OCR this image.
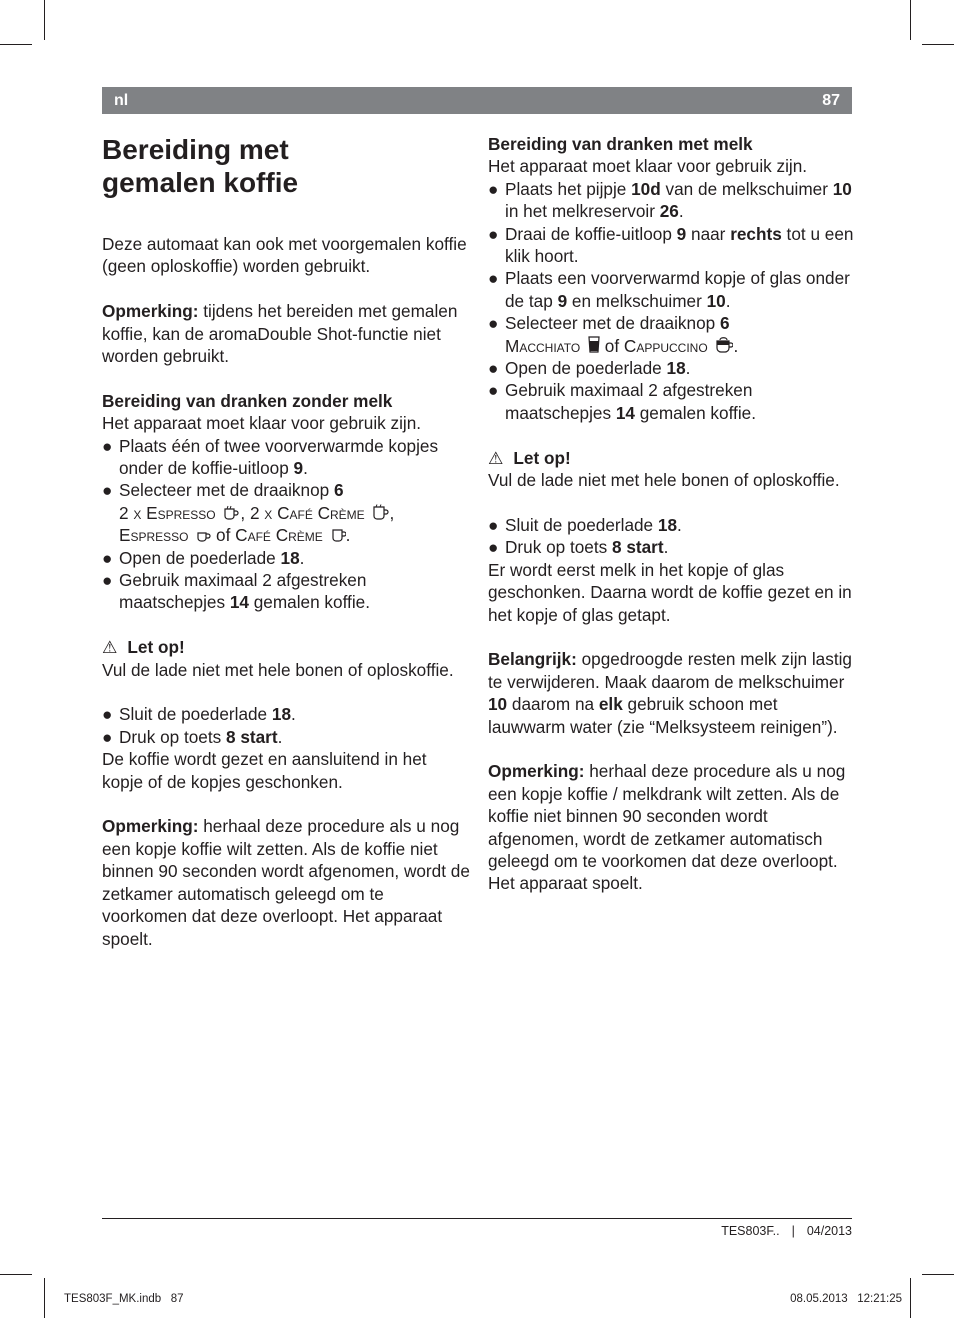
nl	87
Bereiding met
gemalen koffie

Deze automaat kan ook met voorgemalen koffie (geen oploskoffie) worden gebruikt.

Opmerking: tijdens het bereiden met gemalen koffie, kan de aromaDouble Shot-functie niet worden gebruikt.

Bereiding van dranken zonder melk

Het apparaat moet klaar voor gebruik zijn.

● Plaats één of twee voorverwarmde kopjes onder de koffie-uitloop 9.
● Selecteer met de draaiknop 6
2 x Espresso , 2 x Café Crème ,
Espresso of Café Crème .
● Open de poederlade 18.
● Gebruik maximaal 2 afgestreken maatschepjes 14 gemalen koffie.

⚠ Let op!

Vul de lade niet met hele bonen of oploskoffie.

● Sluit de poederlade 18.
● Druk op toets 8 start.

De koffie wordt gezet en aansluitend in het kopje of de kopjes geschonken.

Opmerking: herhaal deze procedure als u nog een kopje koffie wilt zetten. Als de koffie niet binnen 90 seconden wordt afgenomen, wordt de zetkamer automatisch geleegd om te voorkomen dat deze overloopt. Het apparaat spoelt.

Bereiding van dranken met melk

Het apparaat moet klaar voor gebruik zijn.

● Plaats het pijpje 10d van de melkschuimer 10 in het melkreservoir 26.
● Draai de koffie-uitloop 9 naar rechts tot u een klik hoort.
● Plaats een voorverwarmd kopje of glas onder de tap 9 en melkschuimer 10.
● Selecteer met de draaiknop 6
Macchiato of Cappuccino .
● Open de poederlade 18.
● Gebruik maximaal 2 afgestreken maatschepjes 14 gemalen koffie.

⚠ Let op!

Vul de lade niet met hele bonen of oploskoffie.

● Sluit de poederlade 18.
● Druk op toets 8 start.

Er wordt eerst melk in het kopje of glas geschonken. Daarna wordt de koffie gezet en in het kopje of glas getapt.

Belangrijk: opgedroogde resten melk zijn lastig te verwijderen. Maak daarom de melkschuimer 10 daarom na elk gebruik schoon met lauwwarm water (zie “Melksysteem reinigen”).

Opmerking: herhaal deze procedure als u nog een kopje koffie / melkdrank wilt zetten. Als de koffie niet binnen 90 seconden wordt afgenomen, wordt de zetkamer automatisch geleegd om te voorkomen dat deze overloopt. Het apparaat spoelt.

TES803F.. | 04/2013
TES803F_MK.indb   87	08.05.2013   12:21:25
